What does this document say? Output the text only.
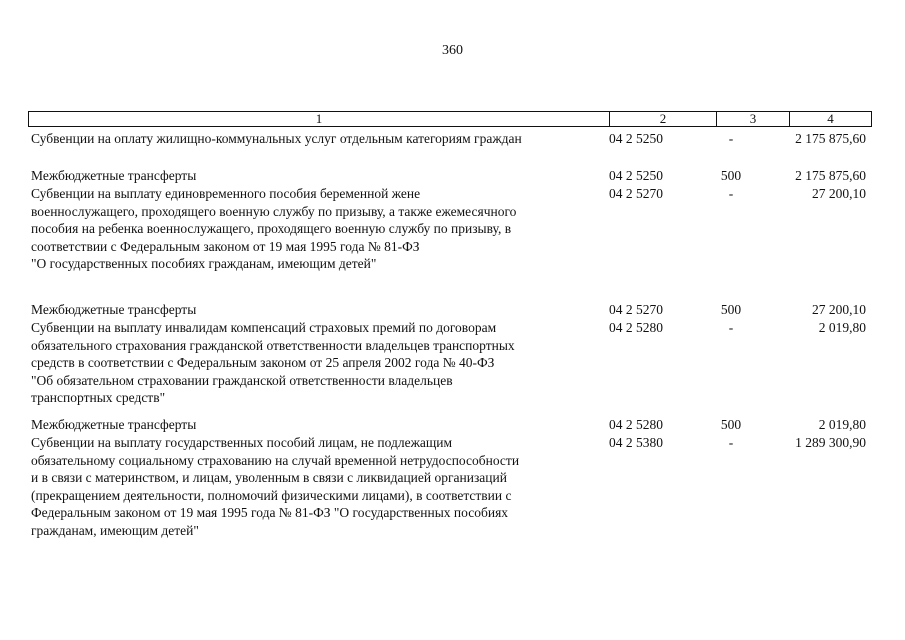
360
1	2	3	4
Субвенции на оплату жилищно-коммунальных услуг отдельным категориям граждан	04 2 5250	-	2 175 875,60
Межбюджетные трансферты	04 2 5250	500	2 175 875,60
Субвенции на выплату единовременного пособия беременной жене
военнослужащего, проходящего военную службу по призыву, а также ежемесячного
пособия на ребенка военнослужащего, проходящего военную службу по призыву, в
соответствии с Федеральным законом от 19 мая 1995 года № 81-ФЗ
"О государственных пособиях гражданам, имеющим детей"
04 2 5270	-	27 200,10
Межбюджетные трансферты	04 2 5270	500	27 200,10
Субвенции на выплату инвалидам компенсаций страховых премий по договорам
обязательного страхования гражданской ответственности владельцев транспортных
средств в соответствии с Федеральным законом от 25 апреля 2002 года № 40-ФЗ
"Об обязательном страховании гражданской ответственности владельцев
транспортных средств"
04 2 5280	-	2 019,80
Межбюджетные трансферты	04 2 5280	500	2 019,80
Субвенции на выплату государственных пособий лицам, не подлежащим
обязательному социальному страхованию на случай временной нетрудоспособности
и в связи с материнством, и лицам, уволенным в связи с ликвидацией организаций
(прекращением деятельности, полномочий физическими лицами), в соответствии с
Федеральным законом от 19 мая 1995 года № 81-ФЗ "О государственных пособиях
гражданам, имеющим детей"
04 2 5380	-	1 289 300,90
